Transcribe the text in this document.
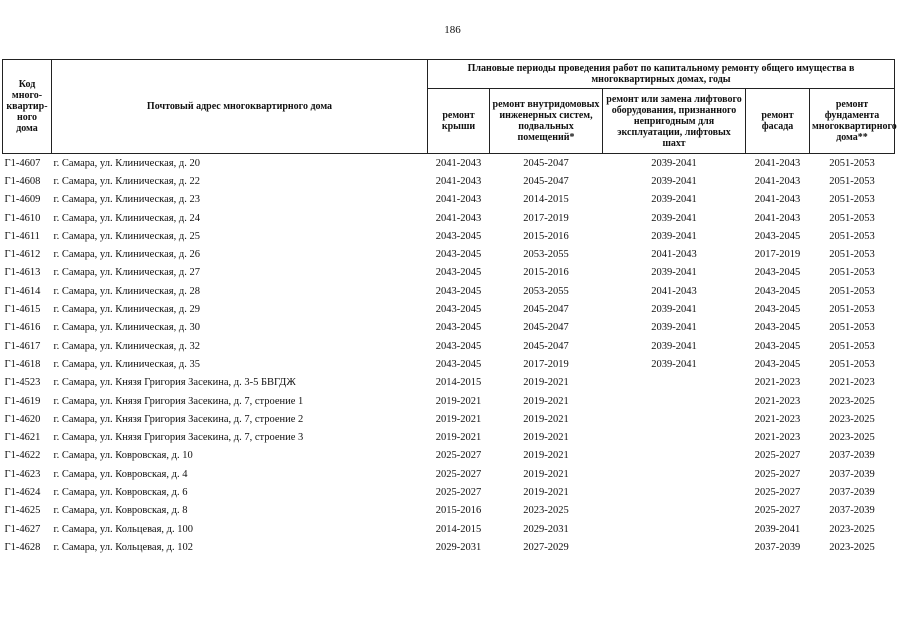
186
Код много-квартир-ного дома	Почтовый адрес многоквартирного дома	Плановые периоды проведения работ по капитальному ремонту общего имущества в многоквартирных домах, годы				
		ремонт крыши	ремонт внутридомовых инженерных систем, подвальных помещений*	ремонт или замена лифтового оборудования, признанного непригодным для эксплуатации, лифтовых шахт	ремонт фасада	ремонт фундамента многоквартирного дома**
Г1-4607	г. Самара, ул. Клиническая, д. 20	2041-2043	2045-2047	2039-2041	2041-2043	2051-2053
Г1-4608	г. Самара, ул. Клиническая, д. 22	2041-2043	2045-2047	2039-2041	2041-2043	2051-2053
Г1-4609	г. Самара, ул. Клиническая, д. 23	2041-2043	2014-2015	2039-2041	2041-2043	2051-2053
Г1-4610	г. Самара, ул. Клиническая, д. 24	2041-2043	2017-2019	2039-2041	2041-2043	2051-2053
Г1-4611	г. Самара, ул. Клиническая, д. 25	2043-2045	2015-2016	2039-2041	2043-2045	2051-2053
Г1-4612	г. Самара, ул. Клиническая, д. 26	2043-2045	2053-2055	2041-2043	2017-2019	2051-2053
Г1-4613	г. Самара, ул. Клиническая, д. 27	2043-2045	2015-2016	2039-2041	2043-2045	2051-2053
Г1-4614	г. Самара, ул. Клиническая, д. 28	2043-2045	2053-2055	2041-2043	2043-2045	2051-2053
Г1-4615	г. Самара, ул. Клиническая, д. 29	2043-2045	2045-2047	2039-2041	2043-2045	2051-2053
Г1-4616	г. Самара, ул. Клиническая, д. 30	2043-2045	2045-2047	2039-2041	2043-2045	2051-2053
Г1-4617	г. Самара, ул. Клиническая, д. 32	2043-2045	2045-2047	2039-2041	2043-2045	2051-2053
Г1-4618	г. Самара, ул. Клиническая, д. 35	2043-2045	2017-2019	2039-2041	2043-2045	2051-2053
Г1-4523	г. Самара, ул. Князя Григория Засекина, д. 3-5 БВГДЖ	2014-2015	2019-2021		2021-2023	2021-2023
Г1-4619	г. Самара, ул. Князя Григория Засекина, д. 7, строение 1	2019-2021	2019-2021		2021-2023	2023-2025
Г1-4620	г. Самара, ул. Князя Григория Засекина, д. 7, строение 2	2019-2021	2019-2021		2021-2023	2023-2025
Г1-4621	г. Самара, ул. Князя Григория Засекина, д. 7, строение 3	2019-2021	2019-2021		2021-2023	2023-2025
Г1-4622	г. Самара, ул. Ковровская, д. 10	2025-2027	2019-2021		2025-2027	2037-2039
Г1-4623	г. Самара, ул. Ковровская, д. 4	2025-2027	2019-2021		2025-2027	2037-2039
Г1-4624	г. Самара, ул. Ковровская, д. 6	2025-2027	2019-2021		2025-2027	2037-2039
Г1-4625	г. Самара, ул. Ковровская, д. 8	2015-2016	2023-2025		2025-2027	2037-2039
Г1-4627	г. Самара, ул. Кольцевая, д. 100	2014-2015	2029-2031		2039-2041	2023-2025
Г1-4628	г. Самара, ул. Кольцевая, д. 102	2029-2031	2027-2029		2037-2039	2023-2025
